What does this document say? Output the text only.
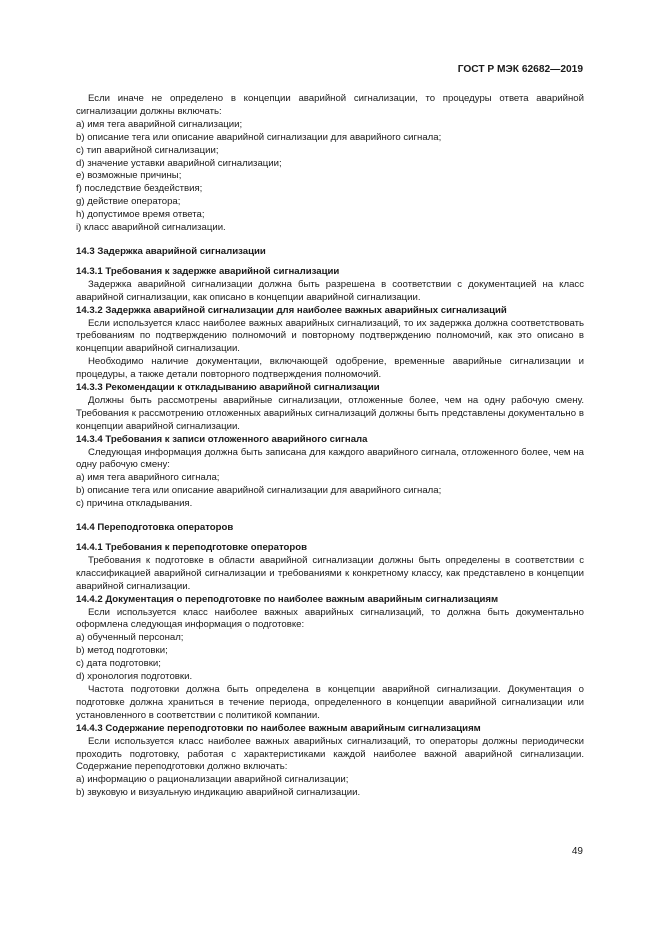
ГОСТ Р МЭК 62682—2019

Если иначе не определено в концепции аварийной сигнализации, то процедуры ответа аварийной сигнализации должны включать:

a) имя тега аварийной сигнализации;
b) описание тега или описание аварийной сигнализации для аварийного сигнала;
c) тип аварийной сигнализации;
d) значение уставки аварийной сигнализации;
e) возможные причины;
f) последствие бездействия;
g) действие оператора;
h) допустимое время ответа;
i) класс аварийной сигнализации.
14.3 Задержка аварийной сигнализации
14.3.1 Требования к задержке аварийной сигнализации

Задержка аварийной сигнализации должна быть разрешена в соответствии с документацией на класс аварийной сигнализации, как описано в концепции аварийной сигнализации.

14.3.2 Задержка аварийной сигнализации для наиболее важных аварийных сигнализаций

Если используется класс наиболее важных аварийных сигнализаций, то их задержка должна соответствовать требованиям по подтверждению полномочий и повторному подтверждению полномочий, как это описано в концепции аварийной сигнализации.

Необходимо наличие документации, включающей одобрение, временные аварийные сигнализации и процедуры, а также детали повторного подтверждения полномочий.

14.3.3 Рекомендации к откладыванию аварийной сигнализации

Должны быть рассмотрены аварийные сигнализации, отложенные более, чем на одну рабочую смену. Требования к рассмотрению отложенных аварийных сигнализаций должны быть представлены документально в концепции аварийной сигнализации.

14.3.4 Требования к записи отложенного аварийного сигнала

Следующая информация должна быть записана для каждого аварийного сигнала, отложенного более, чем на одну рабочую смену:

a) имя тега аварийного сигнала;
b) описание тега или описание аварийной сигнализации для аварийного сигнала;
c) причина откладывания.
14.4 Переподготовка операторов
14.4.1 Требования к переподготовке операторов

Требования к подготовке в области аварийной сигнализации должны быть определены в соответствии с классификацией аварийной сигнализации и требованиями к конкретному классу, как представлено в концепции аварийной сигнализации.

14.4.2 Документация о переподготовке по наиболее важным аварийным сигнализациям

Если используется класс наиболее важных аварийных сигнализаций, то должна быть документально оформлена следующая информация о подготовке:

a) обученный персонал;
b) метод подготовки;
c) дата подготовки;
d) хронология подготовки.

Частота подготовки должна быть определена в концепции аварийной сигнализации. Документация о подготовке должна храниться в течение периода, определенного в концепции аварийной сигнализации или установленного в соответствии с политикой компании.

14.4.3 Содержание переподготовки по наиболее важным аварийным сигнализациям

Если используется класс наиболее важных аварийных сигнализаций, то операторы должны периодически проходить подготовку, работая с характеристиками каждой наиболее важной аварийной сигнализации. Содержание переподготовки должно включать:

a) информацию о рационализации аварийной сигнализации;
b) звуковую и визуальную индикацию аварийной сигнализации.
49
